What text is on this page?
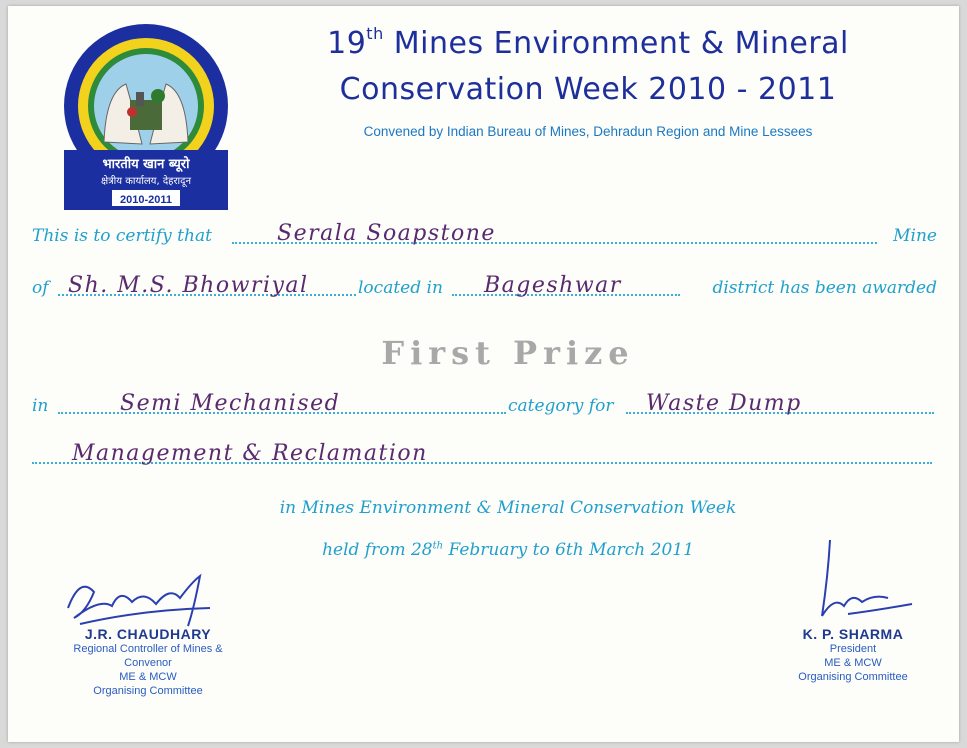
भारतीय खान ब्यूरो
क्षेत्रीय कार्यालय, देहरादून
2010-2011
19th Mines Environment & Mineral
Conservation Week 2010 - 2011
Convened by Indian Bureau of Mines, Dehradun Region and Mine Lessees
This is to certify that	Serala Soapstone	Mine
of Sh. M.S. Bhowriyal	located in Bageshwar	district has been awarded
First Prize
in	Semi Mechanised	category for Waste Dump
Management & Reclamation
in Mines Environment & Mineral Conservation Week
held from 28th February to 6th March 2011
J.R. CHAUDHARY
Regional Controller of Mines &
Convenor
ME & MCW
Organising Committee
K. P. SHARMA
President
ME & MCW
Organising Committee
